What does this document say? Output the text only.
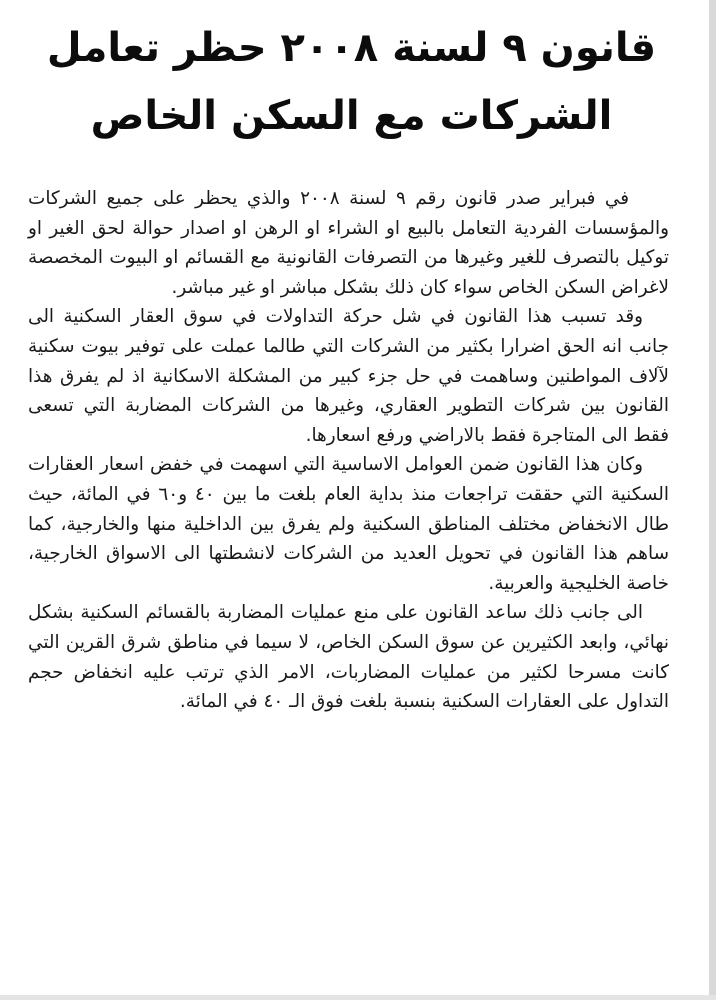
قانون ٩ لسنة ٢٠٠٨ حظر تعامل
الشركات مع السكن الخاص

في فبراير صدر قانون رقم ٩ لسنة ٢٠٠٨ والذي يحظر على جميع الشركات والمؤسسات الفردية التعامل بالبيع او الشراء او الرهن او اصدار حوالة لحق الغير او توكيل بالتصرف للغير وغيرها من التصرفات القانونية مع القسائم او البيوت المخصصة لاغراض السكن الخاص سواء كان ذلك بشكل مباشر او غير مباشر.

وقد تسبب هذا القانون في شل حركة التداولات في سوق العقار السكنية الى جانب انه الحق اضرارا بكثير من الشركات التي طالما عملت على توفير بيوت سكنية لآلاف المواطنين وساهمت في حل جزء كبير من المشكلة الاسكانية اذ لم يفرق هذا القانون بين شركات التطوير العقاري، وغيرها من الشركات المضاربة التي تسعى فقط الى المتاجرة فقط بالاراضي ورفع اسعارها.

وكان هذا القانون ضمن العوامل الاساسية التي اسهمت في خفض اسعار العقارات السكنية التي حققت تراجعات منذ بداية العام بلغت ما بين ٤٠ و٦٠ في المائة، حيث طال الانخفاض مختلف المناطق السكنية ولم يفرق بين الداخلية منها والخارجية، كما ساهم هذا القانون في تحويل العديد من الشركات لانشطتها الى الاسواق الخارجية، خاصة الخليجية والعربية.

الى جانب ذلك ساعد القانون على منع عمليات المضاربة بالقسائم السكنية بشكل نهائي، وابعد الكثيرين عن سوق السكن الخاص، لا سيما في مناطق شرق القرين التي كانت مسرحا لكثير من عمليات المضاربات، الامر الذي ترتب عليه انخفاض حجم التداول على العقارات السكنية بنسبة بلغت فوق الـ ٤٠ في المائة.
